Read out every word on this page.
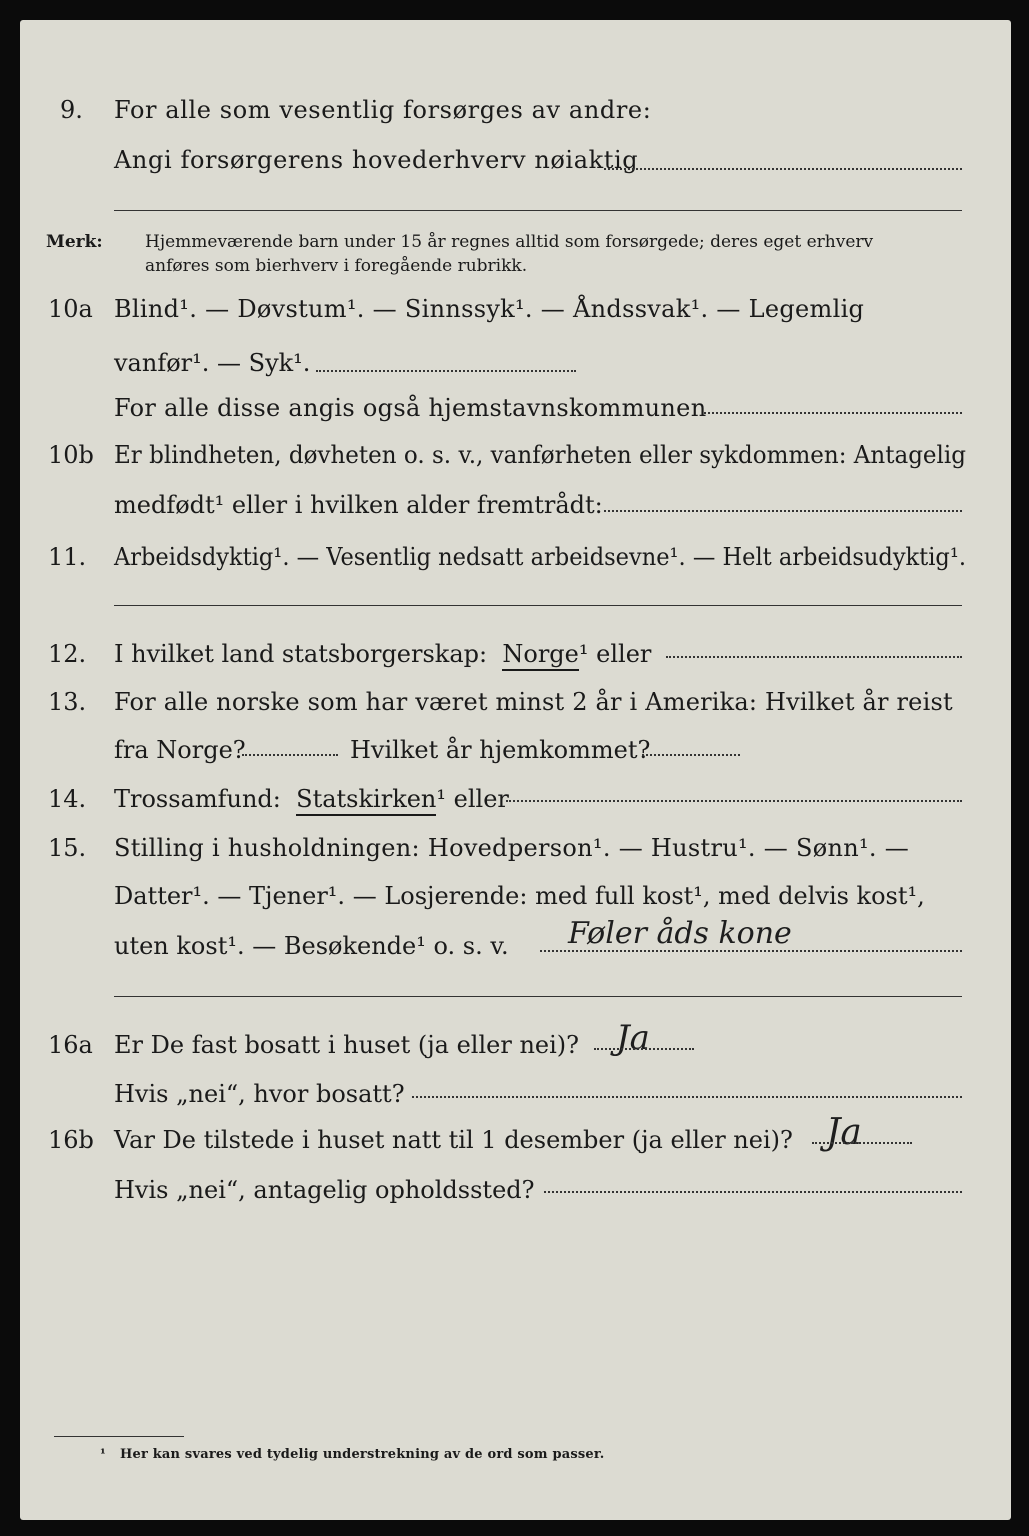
9. For alle som vesentlig forsørges av andre:
Angi forsørgerens hovederhverv nøiaktig
Merk: Hjemmeværende barn under 15 år regnes alltid som forsørgede; deres eget erhverv
anføres som bierhverv i foregående rubrikk.
10a Blind¹. — Døvstum¹. — Sinnssyk¹. — Åndssvak¹. — Legemlig
vanfør¹. — Syk¹.
For alle disse angis også hjemstavnskommunen
10b Er blindheten, døvheten o. s. v., vanførheten eller sykdommen: Antagelig
medfødt¹ eller i hvilken alder fremtrådt:
11. Arbeidsdyktig¹. — Vesentlig nedsatt arbeidsevne¹. — Helt arbeidsudyktig¹.
12. I hvilket land statsborgerskap: Norge¹ eller
13. For alle norske som har været minst 2 år i Amerika: Hvilket år reist
fra Norge?	Hvilket år hjemkommet?
14. Trossamfund: Statskirken¹ eller
15. Stilling i husholdningen: Hovedperson¹. — Hustru¹. — Sønn¹. —
Datter¹. — Tjener¹. — Losjerende: med full kost¹, med delvis kost¹,
uten kost¹. — Besøkende¹ o. s. v. Føler åds kone
16a Er De fast bosatt i huset (ja eller nei)? Ja
Hvis „nei“, hvor bosatt?
16b Var De tilstede i huset natt til 1 desember (ja eller nei)? Ja
Hvis „nei“, antagelig opholdssted?
¹ Her kan svares ved tydelig understrekning av de ord som passer.
